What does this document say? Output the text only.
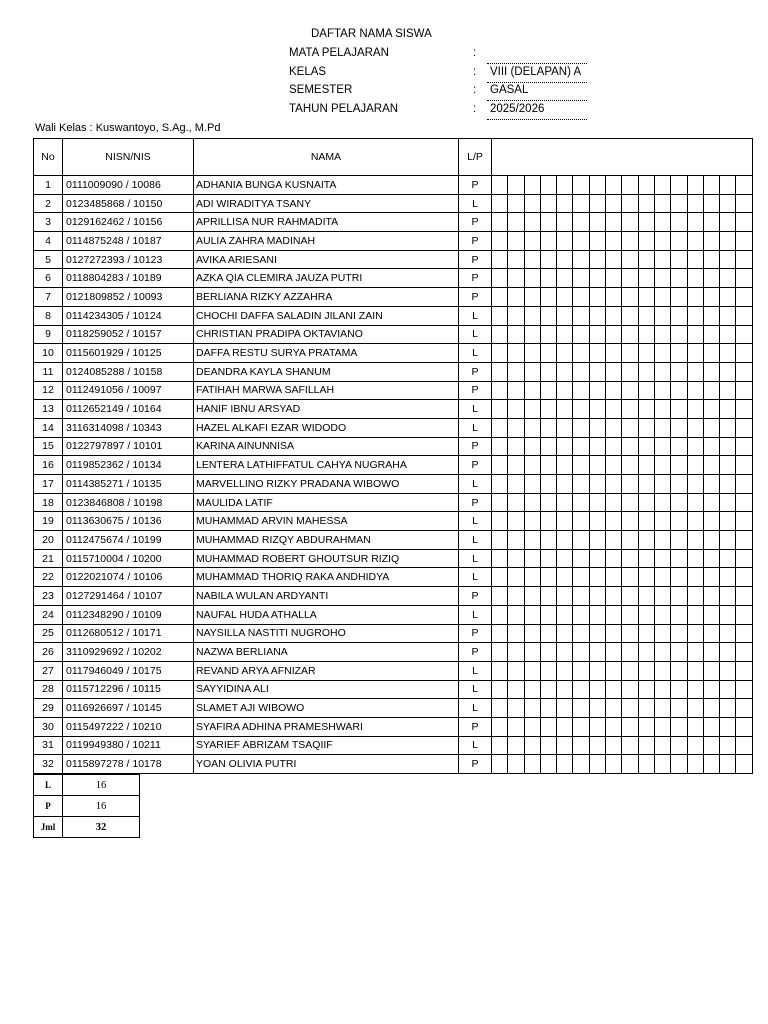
DAFTAR NAMA SISWA
MATA PELAJARAN	:
KELAS	: VIII (DELAPAN) A
SEMESTER	: GASAL
TAHUN PELAJARAN	: 2025/2026
Wali Kelas : Kuswantoyo, S.Ag., M.Pd
No	NISN/NIS	NAMA	L/P																
1	0111009090 / 10086	ADHANIA BUNGA KUSNAITA	P																
2	0123485868 / 10150	ADI WIRADITYA TSANY	L																
3	0129162462 / 10156	APRILLISA NUR RAHMADITA	P																
4	0114875248 / 10187	AULIA ZAHRA MADINAH	P																
5	0127272393 / 10123	AVIKA ARIESANI	P																
6	0118804283 / 10189	AZKA QIA CLEMIRA JAUZA PUTRI	P																
7	0121809852 / 10093	BERLIANA RIZKY AZZAHRA	P																
8	0114234305 / 10124	CHOCHI DAFFA SALADIN JILANI ZAIN	L																
9	0118259052 / 10157	CHRISTIAN PRADIPA OKTAVIANO	L																
10	0115601929 / 10125	DAFFA RESTU SURYA PRATAMA	L																
11	0124085288 / 10158	DEANDRA KAYLA SHANUM	P																
12	0112491056 / 10097	FATIHAH MARWA SAFILLAH	P																
13	0112652149 / 10164	HANIF IBNU ARSYAD	L																
14	3116314098 / 10343	HAZEL ALKAFI EZAR WIDODO	L																
15	0122797897 / 10101	KARINA AINUNNISA	P																
16	0119852362 / 10134	LENTERA LATHIFFATUL CAHYA NUGRAHA	P																
17	0114385271 / 10135	MARVELLINO RIZKY PRADANA WIBOWO	L																
18	0123846808 / 10198	MAULIDA LATIF	P																
19	0113630675 / 10136	MUHAMMAD ARVIN MAHESSA	L																
20	0112475674 / 10199	MUHAMMAD RIZQY ABDURAHMAN	L																
21	0115710004 / 10200	MUHAMMAD ROBERT GHOUTSUR RIZIQ	L																
22	0122021074 / 10106	MUHAMMAD THORIQ RAKA ANDHIDYA	L																
23	0127291464 / 10107	NABILA WULAN ARDYANTI	P																
24	0112348290 / 10109	NAUFAL HUDA ATHALLA	L																
25	0112680512 / 10171	NAYSILLA NASTITI NUGROHO	P																
26	3110929692 / 10202	NAZWA BERLIANA	P																
27	0117946049 / 10175	REVAND ARYA AFNIZAR	L																
28	0115712296 / 10115	SAYYIDINA ALI	L																
29	0116926697 / 10145	SLAMET AJI WIBOWO	L																
30	0115497222 / 10210	SYAFIRA ADHINA PRAMESHWARI	P																
31	0119949380 / 10211	SYARIEF ABRIZAM TSAQIIF	L																
32	0115897278 / 10178	YOAN OLIVIA PUTRI	P																
L	16
P	16
Jml	32
